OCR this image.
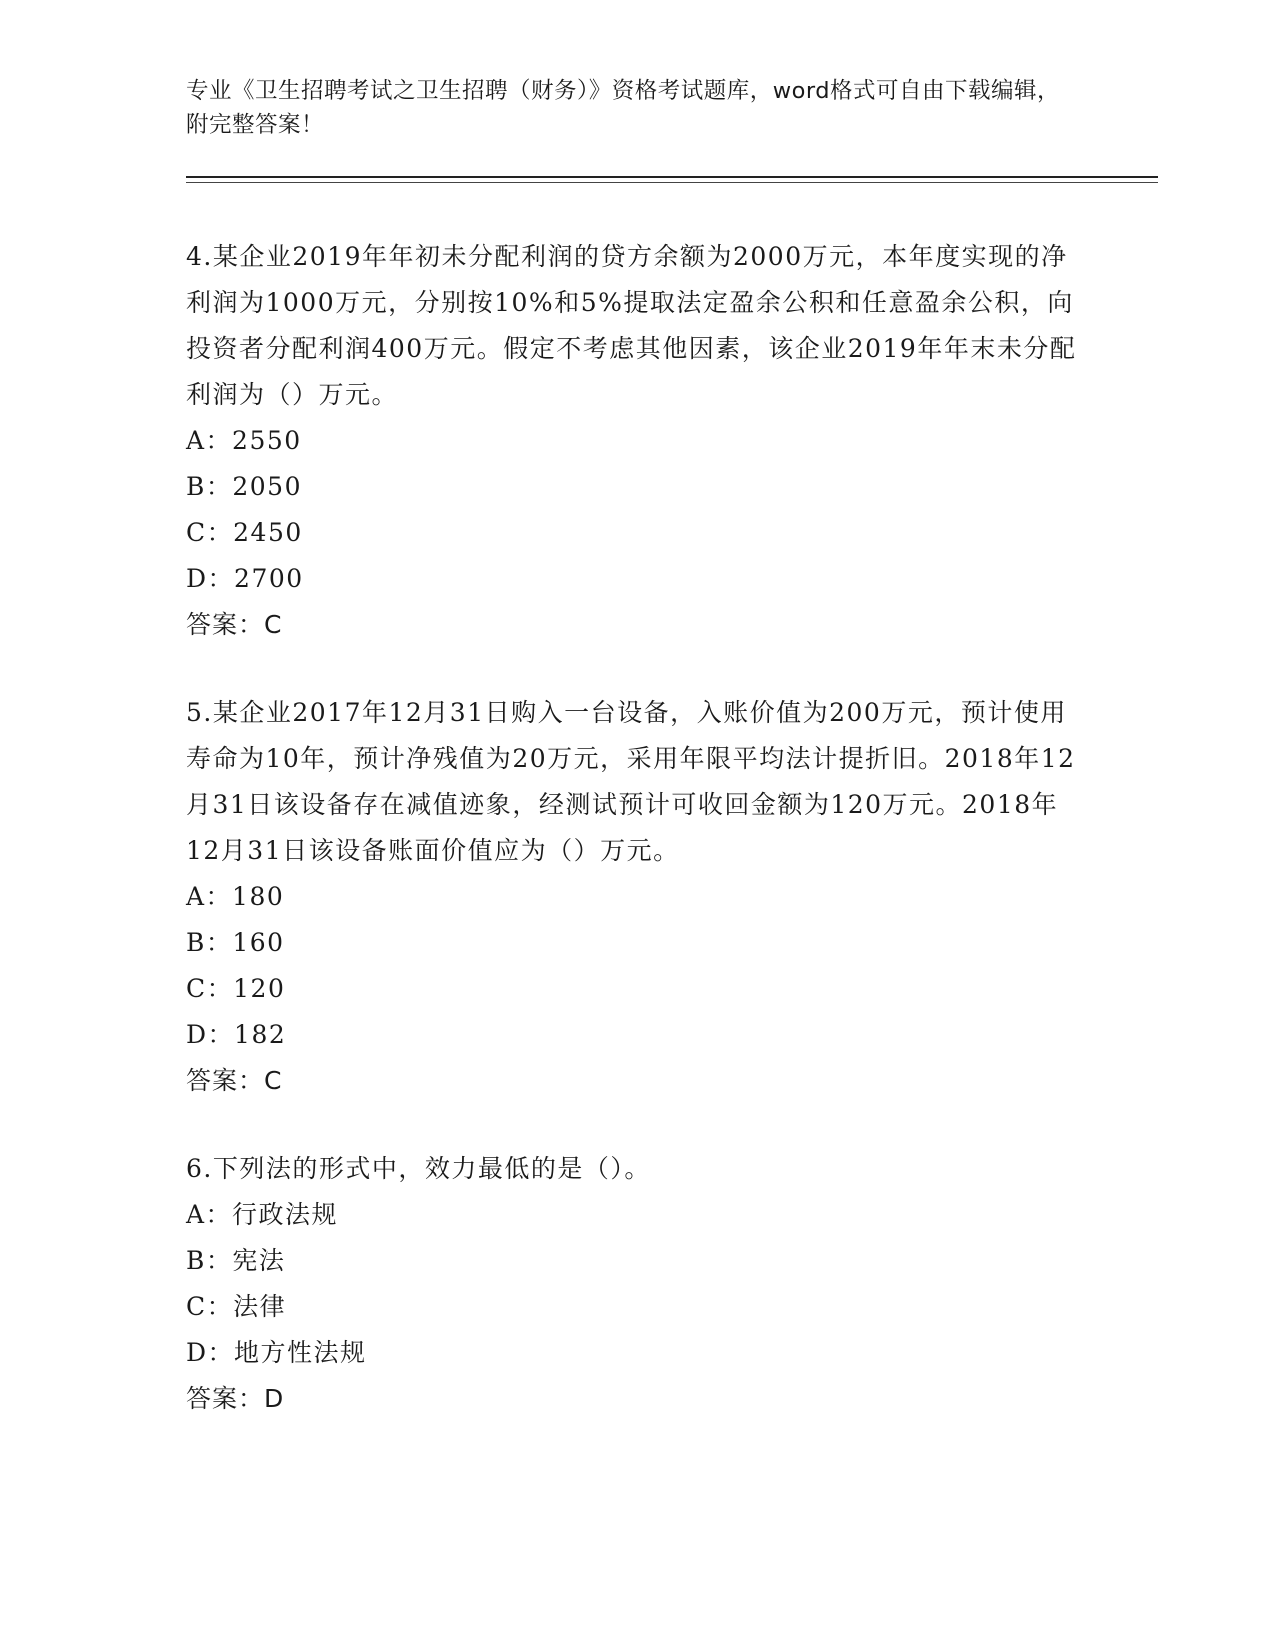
专业《卫生招聘考试之卫生招聘（财务）》资格考试题库，word格式可自由下载编辑，附完整答案！

4.某企业2019年年初未分配利润的贷方余额为2000万元，本年度实现的净利润为1000万元，分别按10%和5%提取法定盈余公积和任意盈余公积，向投资者分配利润400万元。假定不考虑其他因素，该企业2019年年末未分配利润为（）万元。

A：2550

B：2050

C：2450

D：2700

答案：C

5.某企业2017年12月31日购入一台设备，入账价值为200万元，预计使用寿命为10年，预计净残值为20万元，采用年限平均法计提折旧。2018年12月31日该设备存在减值迹象，经测试预计可收回金额为120万元。2018年12月31日该设备账面价值应为（）万元。

A：180

B：160

C：120

D：182

答案：C

6.下列法的形式中，效力最低的是（）。

A：行政法规

B：宪法

C：法律

D：地方性法规

答案：D
